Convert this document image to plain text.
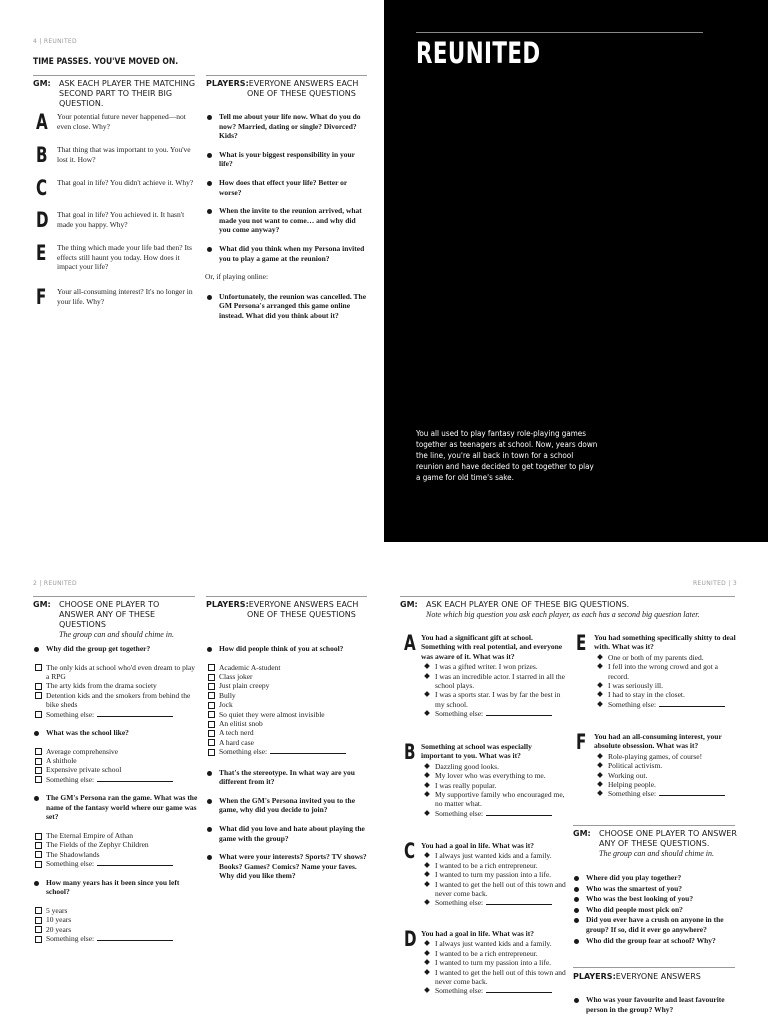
4 | REUNITED
TIME PASSES. YOU'VE MOVED ON.
GM: ASK EACH PLAYER THE MATCHING SECOND PART TO THEIR BIG QUESTION.
A Your potential future never happened—not even close. Why?
B That thing that was important to you. You've lost it. How?
C That goal in life? You didn't achieve it. Why?
D That goal in life? You achieved it. It hasn't made you happy. Why?
E The thing which made your life bad then? Its effects still haunt you today. How does it impact your life?
F Your all-consuming interest? It's no longer in your life. Why?
PLAYERS: EVERYONE ANSWERS EACH ONE OF THESE QUESTIONS
Tell me about your life now. What do you do now? Married, dating or single? Divorced? Kids?
What is your biggest responsibility in your life?
How does that effect your life? Better or worse?
When the invite to the reunion arrived, what made you not want to come… and why did you come anyway?
What did you think when my Persona invited you to play a game at the reunion?
Or, if playing online:
Unfortunately, the reunion was cancelled. The GM Persona's arranged this game online instead. What did you think about it?
REUNITED
You all used to play fantasy role-playing games together as teenagers at school. Now, years down the line, you're all back in town for a school reunion and have decided to get together to play a game for old time's sake.
2 | REUNITED
GM: CHOOSE ONE PLAYER TO ANSWER ANY OF THESE QUESTIONS
The group can and should chime in.
Why did the group get together?
The only kids at school who'd even dream to play a RPG
The arty kids from the drama society
Detention kids and the smokers from behind the bike sheds
Something else:
What was the school like?
Average comprehensive
A shithole
Expensive private school
Something else:
The GM's Persona ran the game. What was the name of the fantasy world where our game was set?
The Eternal Empire of Athan
The Fields of the Zephyr Children
The Shadowlands
Something else:
How many years has it been since you left school?
5 years
10 years
20 years
Something else:
PLAYERS: EVERYONE ANSWERS EACH ONE OF THESE QUESTIONS
How did people think of you at school?
Academic A-student
Class joker
Just plain creepy
Bully
Jock
So quiet they were almost invisible
An elitist snob
A tech nerd
A hard case
Something else:
That's the stereotype. In what way are you different from it?
When the GM's Persona invited you to the game, why did you decide to join?
What did you love and hate about playing the game with the group?
What were your interests? Sports? TV shows? Books? Games? Comics? Name your faves. Why did you like them?
REUNITED | 3
GM: ASK EACH PLAYER ONE OF THESE BIG QUESTIONS.
Note which big question you ask each player, as each has a second big question later.
A You had a significant gift at school. Something with real potential, and everyone was aware of it. What was it?
I was a gifted writer. I won prizes.
I was an incredible actor. I starred in all the school plays.
I was a sports star. I was by far the best in my school.
Something else:
B Something at school was especially important to you. What was it?
Dazzling good looks.
My lover who was everything to me.
I was really popular.
My supportive family who encouraged me, no matter what.
Something else:
C You had a goal in life. What was it?
I always just wanted kids and a family.
I wanted to be a rich entrepreneur.
I wanted to turn my passion into a life.
I wanted to get the hell out of this town and never come back.
Something else:
D You had a goal in life. What was it?
I always just wanted kids and a family.
I wanted to be a rich entrepreneur.
I wanted to turn my passion into a life.
I wanted to get the hell out of this town and never come back.
Something else:
E You had something specifically shitty to deal with. What was it?
One or both of my parents died.
I fell into the wrong crowd and got a record.
I was seriously ill.
I had to stay in the closet.
Something else:
F You had an all-consuming interest, your absolute obsession. What was it?
Role-playing games, of course!
Political activism.
Working out.
Helping people.
Something else:
GM: CHOOSE ONE PLAYER TO ANSWER ANY OF THESE QUESTIONS.
The group can and should chime in.
Where did you play together?
Who was the smartest of you?
Who was the best looking of you?
Who did people most pick on?
Did you ever have a crush on anyone in the group? If so, did it ever go anywhere?
Who did the group fear at school? Why?
PLAYERS: EVERYONE ANSWERS
Who was your favourite and least favourite person in the group? Why?
